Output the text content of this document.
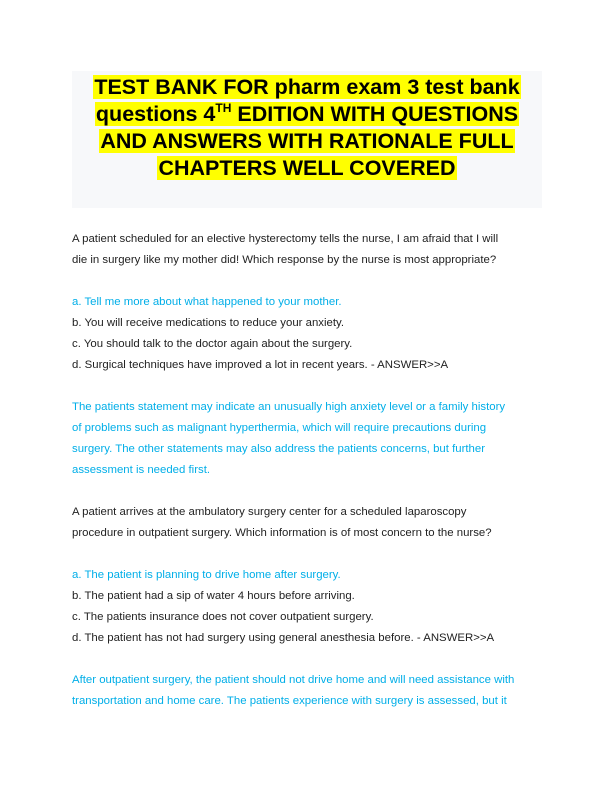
TEST BANK FOR pharm exam 3 test bank questions 4TH EDITION WITH QUESTIONS AND ANSWERS WITH RATIONALE FULL CHAPTERS WELL COVERED

A patient scheduled for an elective hysterectomy tells the nurse, I am afraid that I will

die in surgery like my mother did! Which response by the nurse is most appropriate?

a. Tell me more about what happened to your mother.

b. You will receive medications to reduce your anxiety.

c. You should talk to the doctor again about the surgery.

d. Surgical techniques have improved a lot in recent years. - ANSWER>>A

The patients statement may indicate an unusually high anxiety level or a family history

of problems such as malignant hyperthermia, which will require precautions during

surgery. The other statements may also address the patients concerns, but further

assessment is needed first.

A patient arrives at the ambulatory surgery center for a scheduled laparoscopy

procedure in outpatient surgery. Which information is of most concern to the nurse?

a. The patient is planning to drive home after surgery.

b. The patient had a sip of water 4 hours before arriving.

c. The patients insurance does not cover outpatient surgery.

d. The patient has not had surgery using general anesthesia before. - ANSWER>>A

After outpatient surgery, the patient should not drive home and will need assistance with

transportation and home care. The patients experience with surgery is assessed, but it
